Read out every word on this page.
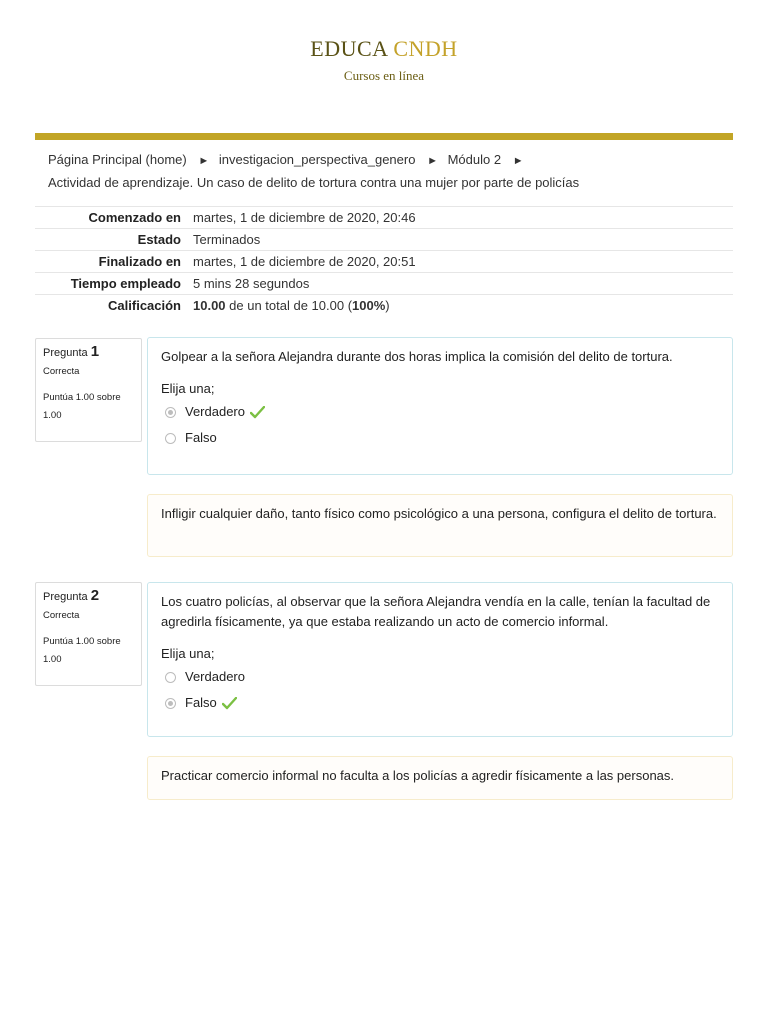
EDUCA CNDH
Cursos en línea
Página Principal (home) ► investigacion_perspectiva_genero ► Módulo 2 ►
Actividad de aprendizaje. Un caso de delito de tortura contra una mujer por parte de policías
Comenzado en	martes, 1 de diciembre de 2020, 20:46
Estado	Terminados
Finalizado en	martes, 1 de diciembre de 2020, 20:51
Tiempo empleado	5 mins 28 segundos
Calificación	10.00 de un total de 10.00 (100%)
Pregunta 1
Correcta
Puntúa 1.00 sobre 1.00
Golpear a la señora Alejandra durante dos horas implica la comisión del delito de tortura.
Elija una;
Verdadero
Falso
Infligir cualquier daño, tanto físico como psicológico a una persona, configura el delito de tortura.
Pregunta 2
Correcta
Puntúa 1.00 sobre 1.00
Los cuatro policías, al observar que la señora Alejandra vendía en la calle, tenían la facultad de agredirla físicamente, ya que estaba realizando un acto de comercio informal.
Elija una;
Verdadero
Falso
Practicar comercio informal no faculta a los policías a agredir físicamente a las personas.
